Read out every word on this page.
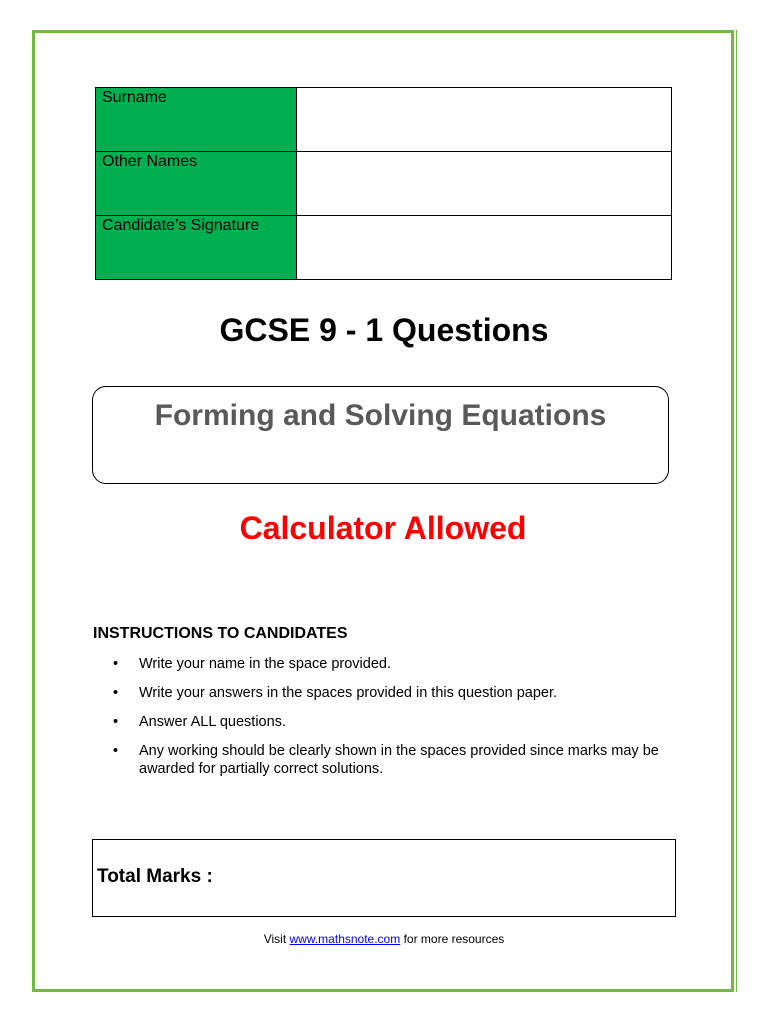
Surname	
Other Names	
Candidate’s Signature	
GCSE 9 - 1 Questions
Forming and Solving Equations
Calculator Allowed
INSTRUCTIONS TO CANDIDATES
• Write your name in the space provided.
• Write your answers in the spaces provided in this question paper.
• Answer ALL questions.
• Any working should be clearly shown in the spaces provided since marks may be awarded for partially correct solutions.
Total Marks :
Visit www.mathsnote.com for more resources
